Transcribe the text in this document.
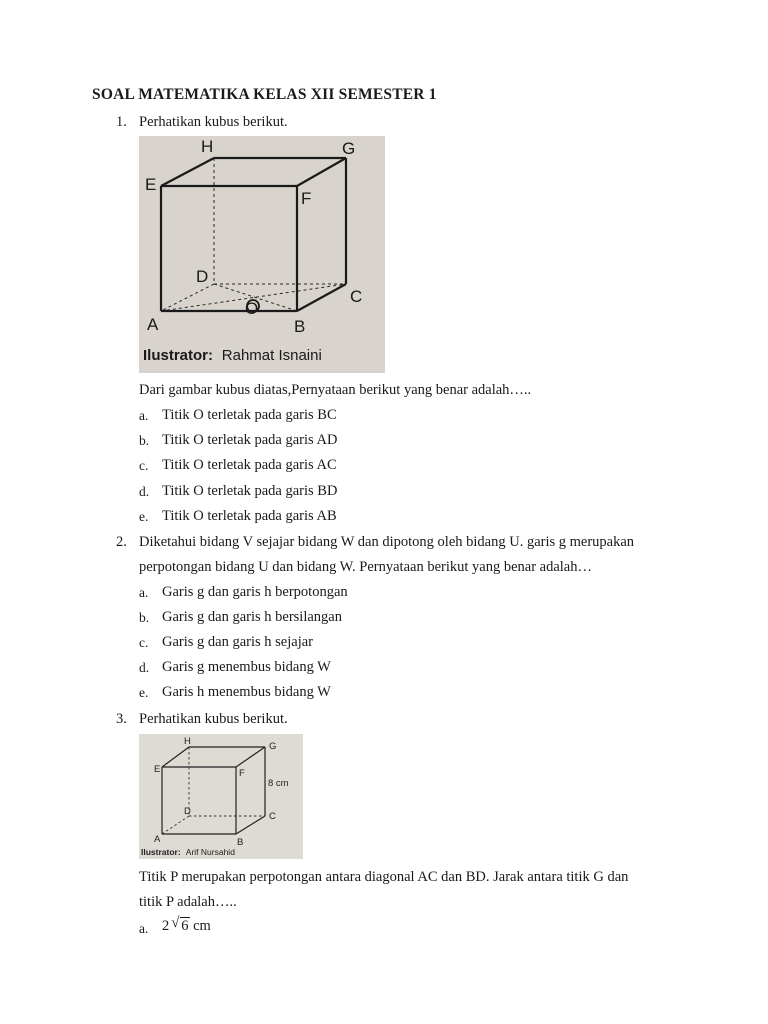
SOAL MATEMATIKA KELAS XII SEMESTER 1
1. Perhatikan kubus berikut.
H	G
E
F
D
C
O
A	B
Ilustrator: Rahmat Isnaini
Dari gambar kubus diatas,Pernyataan berikut yang benar adalah…..
a. Titik O terletak pada garis BC
b. Titik O terletak pada garis AD
c. Titik O terletak pada garis AC
d. Titik O terletak pada garis BD
e. Titik O terletak pada garis AB
2. Diketahui bidang V sejajar bidang W dan dipotong oleh bidang U. garis g merupakan
perpotongan bidang U dan bidang W. Pernyataan berikut yang benar adalah…
a. Garis g dan garis h berpotongan
b. Garis g dan garis h bersilangan
c. Garis g dan garis h sejajar
d. Garis g menembus bidang W
e. Garis h menembus bidang W
3. Perhatikan kubus berikut.
H	G
E	F
8 cm
D	C
A	B
Ilustrator: Arif Nursahid
Titik P merupakan perpotongan antara diagonal AC dan BD. Jarak antara titik G dan
titik P adalah…..
a. 2 √ 6 cm
